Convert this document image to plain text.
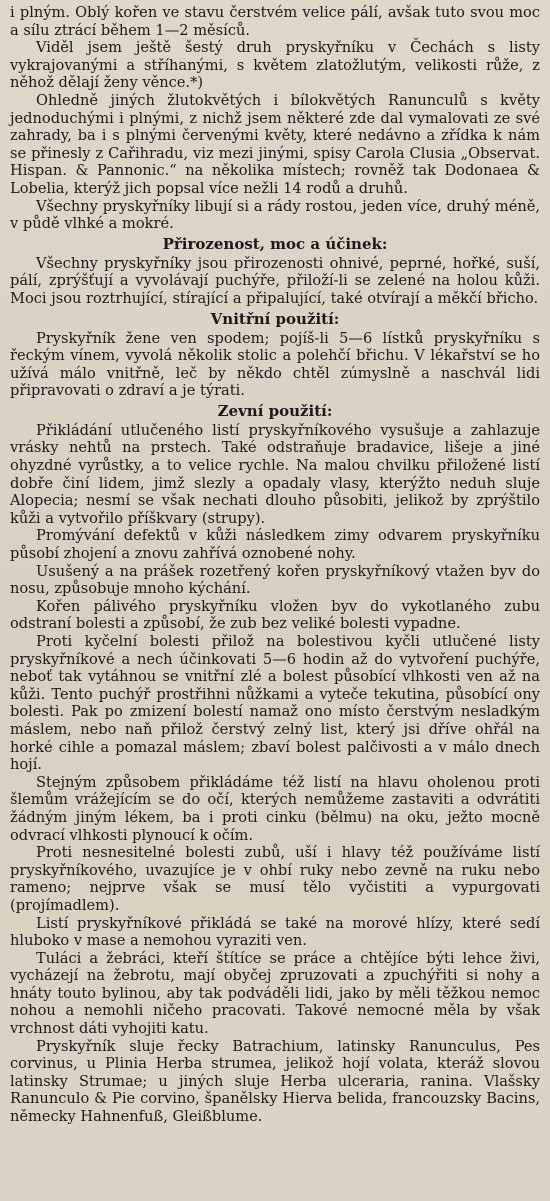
i plným. Oblý kořen ve stavu čerstvém velice pálí, avšak tuto svou moc a sílu ztrácí během 1—2 měsíců.

Viděl jsem ještě šestý druh pryskyřníku v Čechách s listy vykrajovanými a stříhanými, s květem zlatožlutým, velikosti růže, z něhož dělají ženy věnce.*)

Ohledně jiných žlutokvětých i bílokvětých Ranunculů s květy jednoduchými i plnými, z nichž jsem některé zde dal vymalovati ze své zahrady, ba i s plnými červenými květy, které nedávno a zřídka k nám se přinesly z Cařihradu, viz mezi jinými, spisy Carola Clusia „Observat. Hispan. & Pannonic.“ na několika místech; rovněž tak Dodonaea & Lobelia, kterýž jich popsal více nežli 14 rodů a druhů.

Všechny pryskyřníky libují si a rády rostou, jeden více, druhý méně, v půdě vlhké a mokré.

Přirozenost, moc a účinek:

Všechny pryskyřníky jsou přirozenosti ohnivé, peprné, hořké, suší, pálí, zprýšťují a vyvolávají puchýře, přiloží-li se zelené na holou kůži. Moci jsou roztrhující, stírající a připalující, také otvírají a měkčí břicho.

Vnitřní použití:

Pryskyřník žene ven spodem; pojíš-li 5—6 lístků pryskyřníku s řeckým vínem, vyvolá několik stolic a polehčí břichu. V lékařství se ho užívá málo vnitřně, leč by někdo chtěl zúmyslně a naschvál lidi připravovati o zdraví a je týrati.

Zevní použití:

Přikládání utlučeného listí pryskyřníkového vysušuje a zahlazuje vrásky nehtů na prstech. Také odstraňuje bradavice, lišeje a jiné ohyzdné vyrůstky, a to velice rychle. Na malou chvilku přiložené listí dobře činí lidem, jimž slezly a opadaly vlasy, kterýžto neduh sluje Alopecia; nesmí se však nechati dlouho působiti, jelikož by zprýštilo kůži a vytvořilo příškvary (strupy).

Promývání defektů v kůži následkem zimy odvarem pryskyřníku působí zhojení a znovu zahřívá oznobené nohy.

Usušený a na prášek rozetřený kořen pryskyřníkový vtažen byv do nosu, způsobuje mnoho kýchání.

Kořen pálivého pryskyřníku vložen byv do vykotlaného zubu odstraní bolesti a způsobí, že zub bez veliké bolesti vypadne.

Proti kyčelní bolesti přilož na bolestivou kyčli utlučené listy pryskyřníkové a nech účinkovati 5—6 hodin až do vytvoření puchýře, neboť tak vytáhnou se vnitřní zlé a bolest působící vlhkosti ven až na kůži. Tento puchýř prostřihni nůžkami a vyteče tekutina, působící ony bolesti. Pak po zmizení bolestí namaž ono místo čerstvým nesladkým máslem, nebo naň přilož čerstvý zelný list, který jsi dříve ohřál na horké cihle a pomazal máslem; zbaví bolest palčivosti a v málo dnech hojí.

Stejným způsobem přikládáme též listí na hlavu oholenou proti šlemům vrážejícím se do očí, kterých nemůžeme zastaviti a odvrátiti žádným jiným lékem, ba i proti cinku (bělmu) na oku, ježto mocně odvrací vlhkosti plynoucí k očím.

Proti nesnesitelné bolesti zubů, uší i hlavy též používáme listí pryskyřníkového, uvazujíce je v ohbí ruky nebo zevně na ruku nebo rameno; nejprve však se musí tělo vyčistiti a vypurgovati (projímadlem).

Listí pryskyřníkové přikládá se také na morové hlízy, které sedí hluboko v mase a nemohou vyraziti ven.

Tuláci a žebráci, kteří štítíce se práce a chtějíce býti lehce živi, vycházejí na žebrotu, mají obyčej zpruzovati a zpuchýřiti si nohy a hnáty touto bylinou, aby tak podváděli lidi, jako by měli těžkou nemoc nohou a nemohli ničeho pracovati. Takové nemocné měla by však vrchnost dáti vyhojiti katu.

Pryskyřník sluje řecky Batrachium, latinsky Ranunculus, Pes corvinus, u Plinia Herba strumea, jelikož hojí volata, kteráž slovou latinsky Strumae; u jiných sluje Herba ulceraria, ranina. Vlašsky Ranunculo & Pie corvino, španělsky Hierva belida, francouzsky Bacins, německy Hahnenfuß, Gleißblume.
